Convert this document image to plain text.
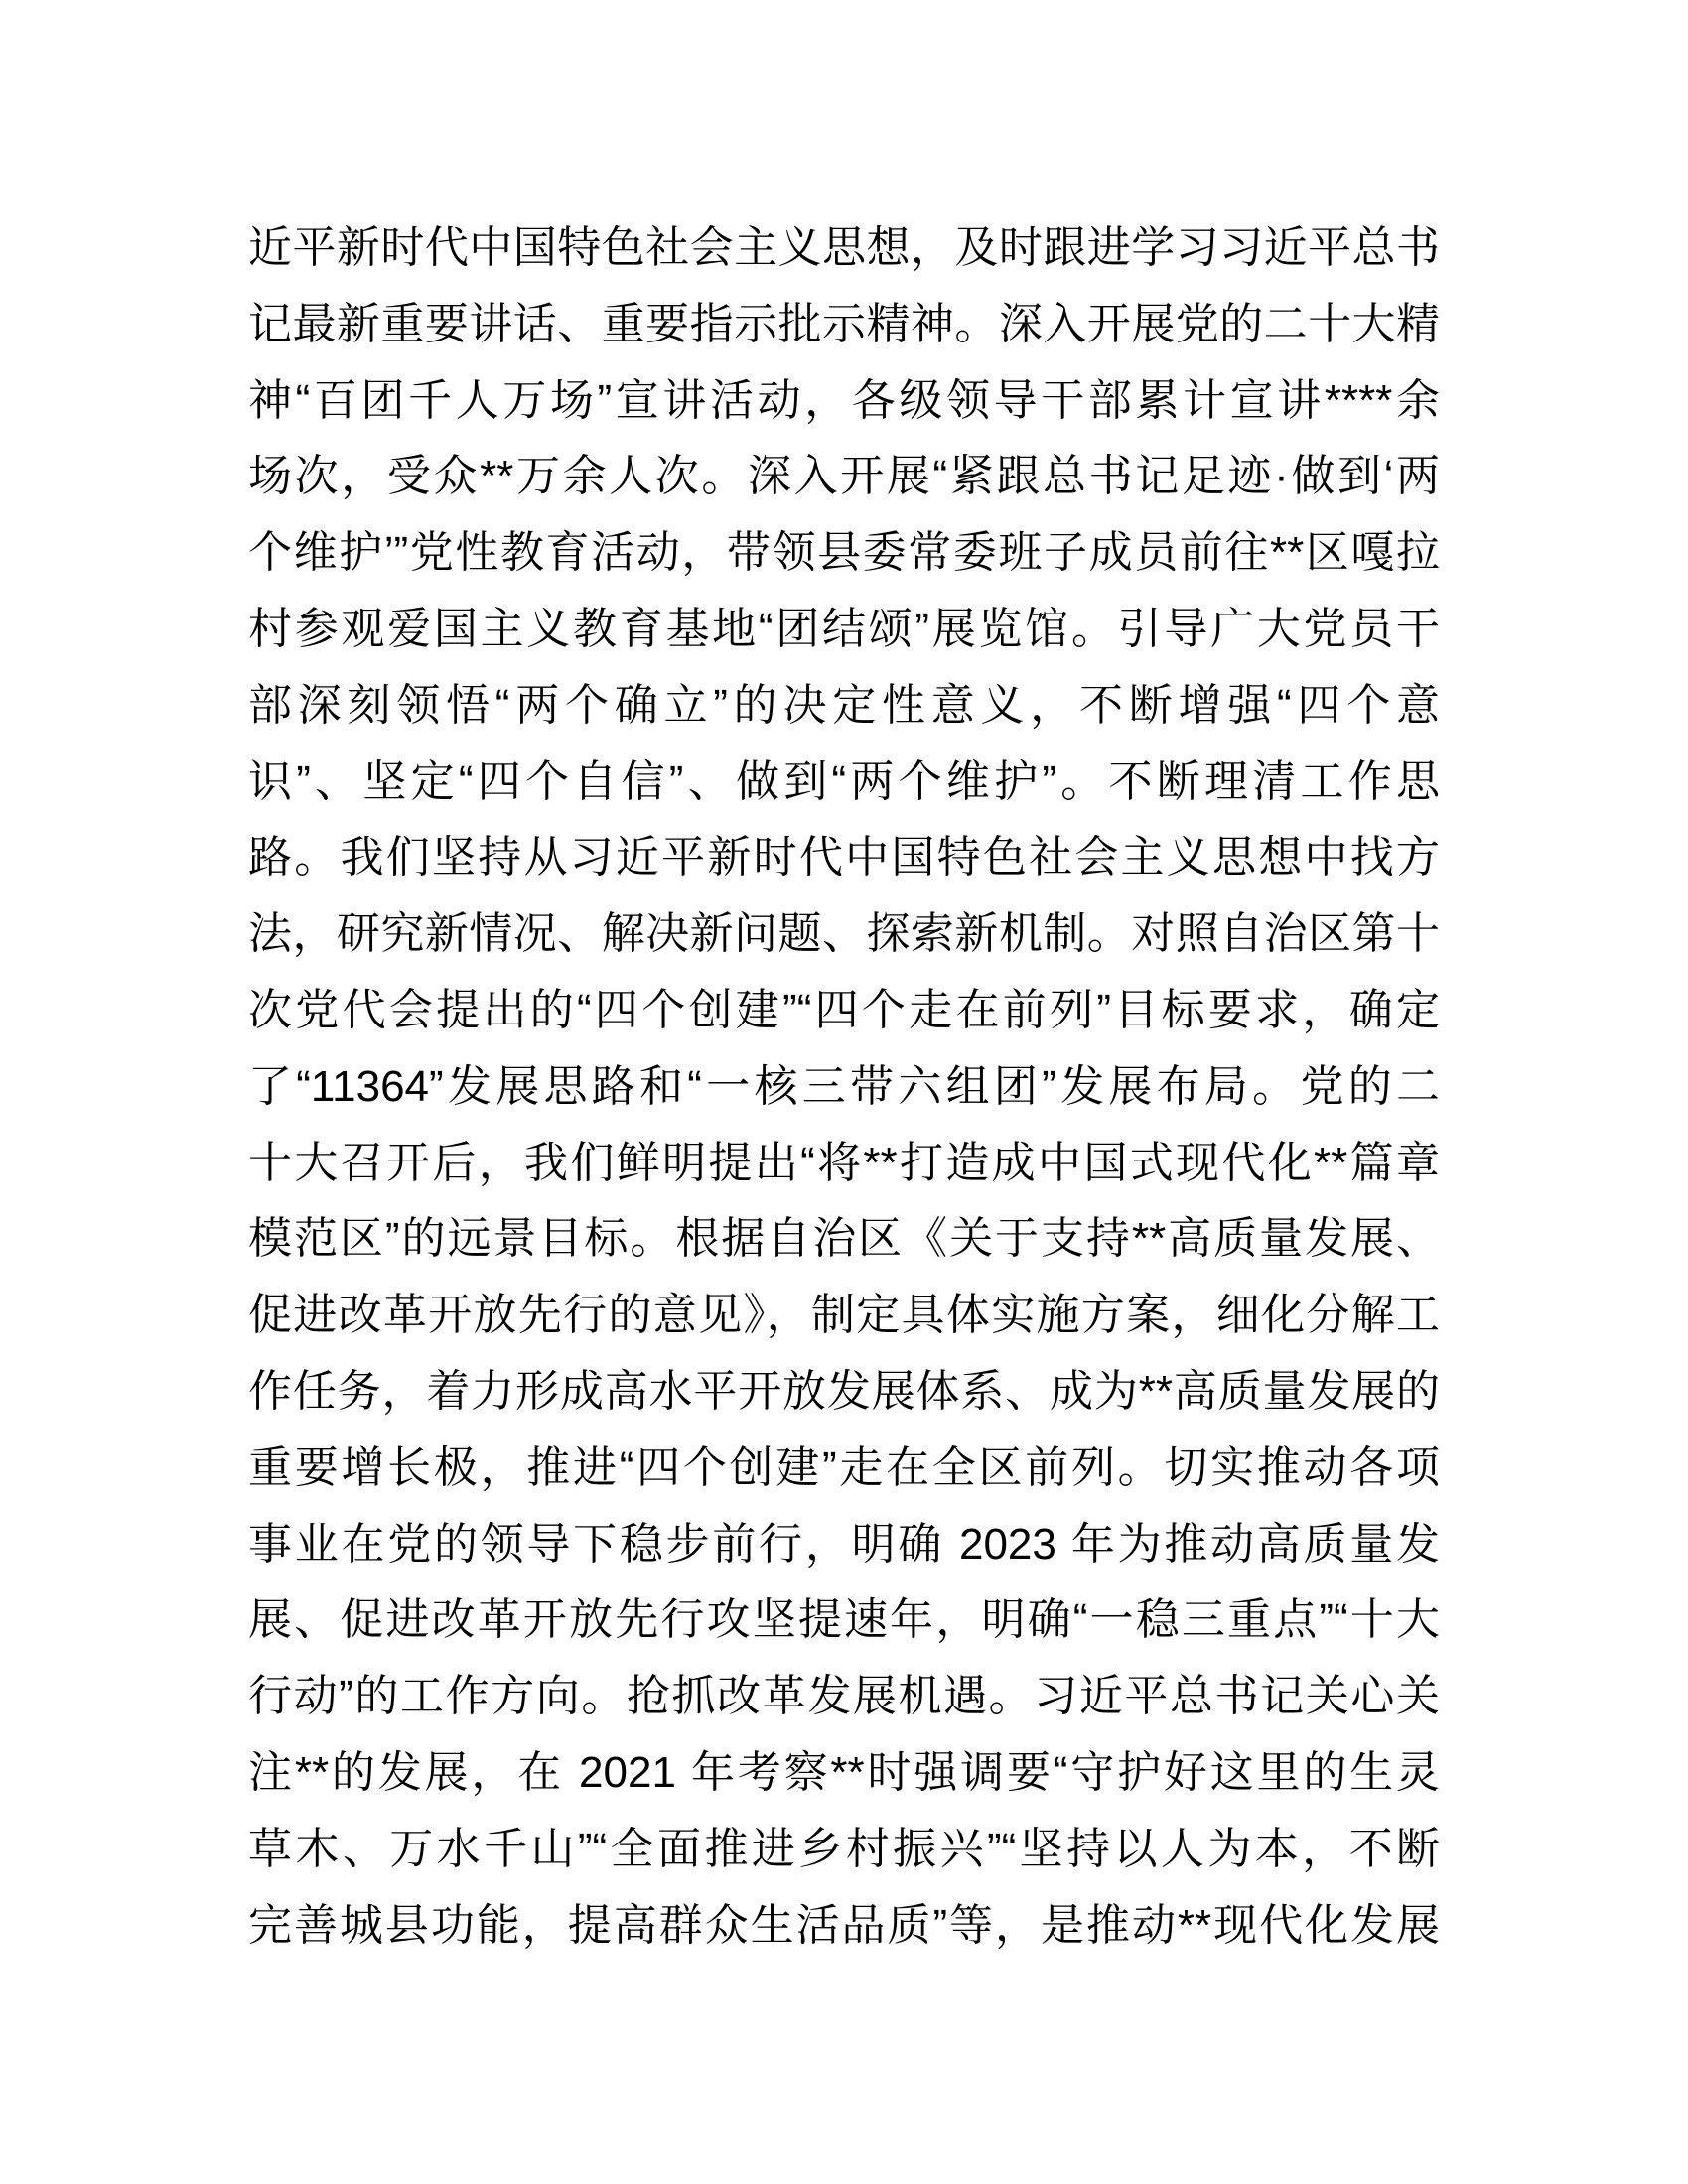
近平新时代中国特色社会主义思想，及时跟进学习习近平总书
记最新重要讲话、重要指示批示精神。深入开展党的二十大精
神“百团千人万场”宣讲活动，各级领导干部累计宣讲****余
场次，受众**万余人次。深入开展“紧跟总书记足迹·做到‘两
个维护’”党性教育活动，带领县委常委班子成员前往**区嘎拉
村参观爱国主义教育基地“团结颂”展览馆。引导广大党员干
部深刻领悟“两个确立”的决定性意义，不断增强“四个意
识”、坚定“四个自信”、做到“两个维护”。不断理清工作思
路。我们坚持从习近平新时代中国特色社会主义思想中找方
法，研究新情况、解决新问题、探索新机制。对照自治区第十
次党代会提出的“四个创建”“四个走在前列”目标要求，确定
了“11364”发展思路和“一核三带六组团”发展布局。党的二
十大召开后，我们鲜明提出“将**打造成中国式现代化**篇章
模范区”的远景目标。根据自治区《关于支持**高质量发展、
促进改革开放先行的意见》，制定具体实施方案，细化分解工
作任务，着力形成高水平开放发展体系、成为**高质量发展的
重要增长极，推进“四个创建”走在全区前列。切实推动各项
事业在党的领导下稳步前行，明确 2023 年为推动高质量发
展、促进改革开放先行攻坚提速年，明确“一稳三重点”“十大
行动”的工作方向。抢抓改革发展机遇。习近平总书记关心关
注**的发展，在 2021 年考察**时强调要“守护好这里的生灵
草木、万水千山”“全面推进乡村振兴”“坚持以人为本，不断
完善城县功能，提高群众生活品质”等，是推动**现代化发展
